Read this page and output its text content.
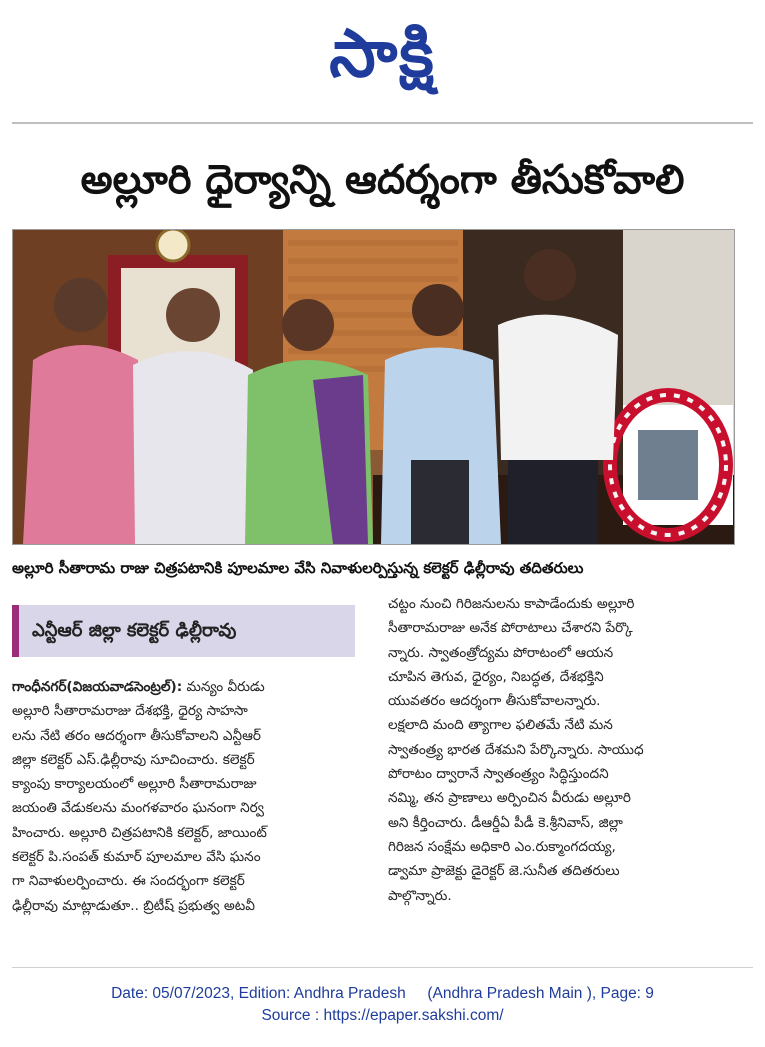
సాక్షి
అల్లూరి ధైర్యాన్ని ఆదర్శంగా తీసుకోవాలి
అల్లూరి సీతారామ రాజు చిత్రపటానికి పూలమాల వేసి నివాళులర్పిస్తున్న కలెక్టర్ ఢిల్లీరావు తదితరులు
ఎన్టీఆర్ జిల్లా కలెక్టర్ ఢిల్లీరావు
గాంధీనగర్(విజయవాడసెంట్రల్): మన్యం వీరుడు
అల్లూరి సీతారామరాజు దేశభక్తి, ధైర్య సాహసా
లను నేటి తరం ఆదర్శంగా తీసుకోవాలని ఎన్టీఆర్
జిల్లా కలెక్టర్ ఎస్.ఢిల్లీరావు సూచించారు. కలెక్టర్
క్యాంపు కార్యాలయంలో అల్లూరి సీతారామరాజు
జయంతి వేడుకలను మంగళవారం ఘనంగా నిర్వ
హించారు. అల్లూరి చిత్రపటానికి కలెక్టర్, జాయింట్
కలెక్టర్ పి.సంపత్ కుమార్ పూలమాల వేసి ఘనం
గా నివాళులర్పించారు. ఈ సందర్భంగా కలెక్టర్
ఢిల్లీరావు మాట్లాడుతూ.. బ్రిటీష్ ప్రభుత్వ అటవీ
చట్టం నుంచి గిరిజనులను కాపాడేందుకు అల్లూరి
సీతారామరాజు అనేక పోరాటాలు చేశారని పేర్కొ
న్నారు. స్వాతంత్రోద్యమ పోరాటంలో ఆయన
చూపిన తెగువ, ధైర్యం, నిబద్ధత, దేశభక్తిని
యువతరం ఆదర్శంగా తీసుకోవాలన్నారు.
లక్షలాది మంది త్యాగాల ఫలితమే నేటి మన
స్వాతంత్ర్య భారత దేశమని పేర్కొన్నారు. సాయుధ
పోరాటం ద్వారానే స్వాతంత్ర్యం సిద్ధిస్తుందని
నమ్మి, తన ప్రాణాలు అర్పించిన వీరుడు అల్లూరి
అని కీర్తించారు. డీఆర్డీఏ పీడీ కె.శ్రీనివాస్, జిల్లా
గిరిజన సంక్షేమ అధికారి ఎం.రుక్మాంగదయ్య,
డ్వామా ప్రాజెక్టు డైరెక్టర్ జె.సునీత తదితరులు
పాల్గొన్నారు.
Date: 05/07/2023, Edition: Andhra Pradesh     (Andhra Pradesh Main ), Page: 9
Source : https://epaper.sakshi.com/
